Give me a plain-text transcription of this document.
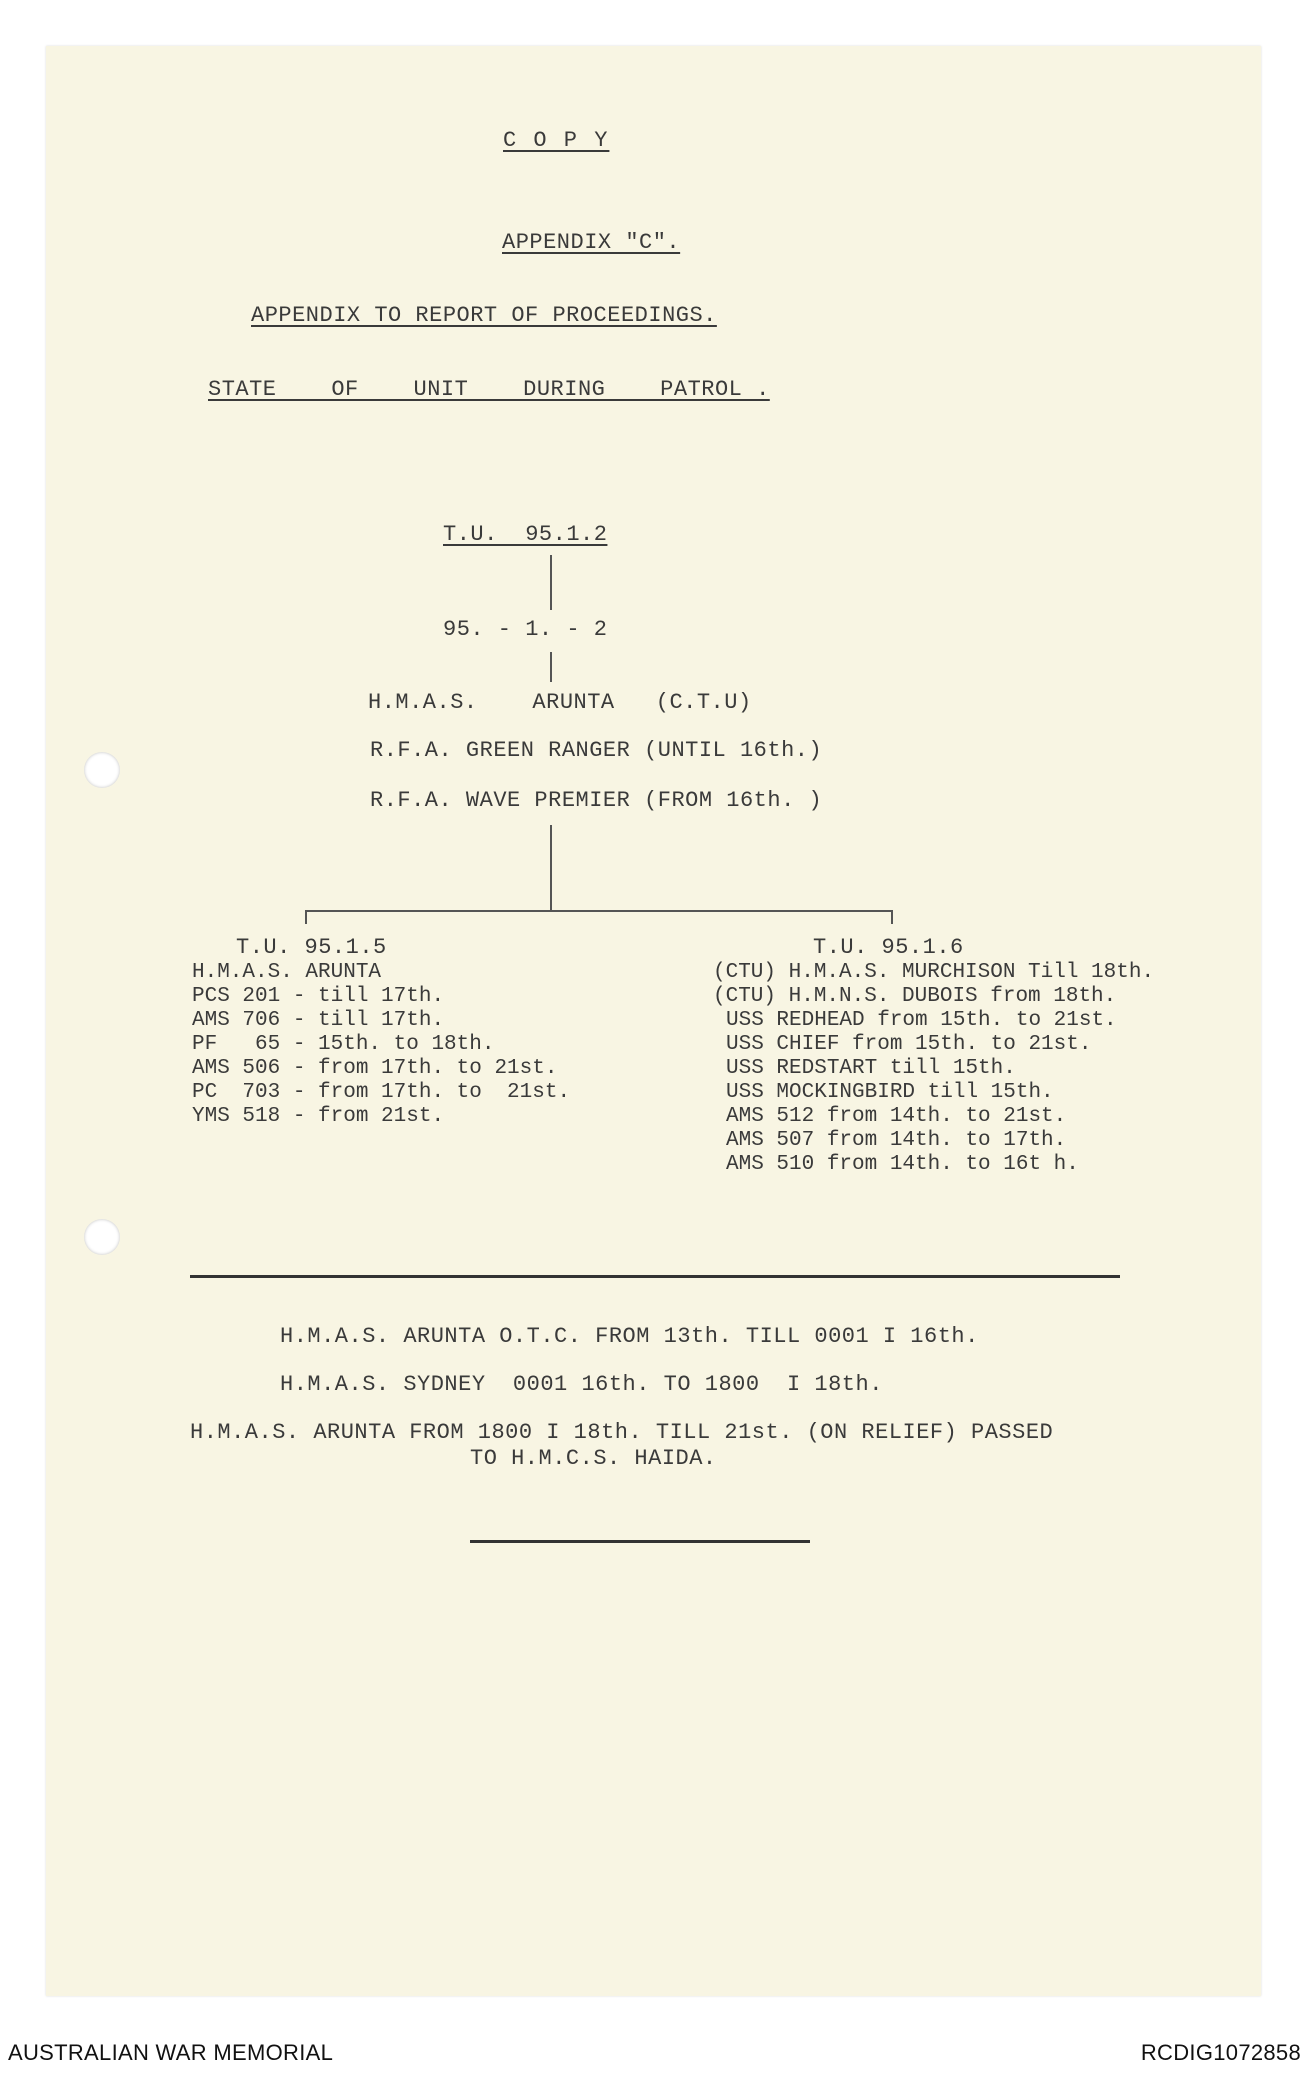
C O P Y
APPENDIX "C".
APPENDIX TO REPORT OF PROCEEDINGS.
STATE    OF    UNIT    DURING    PATROL .
T.U.  95.1.2
95. - 1. - 2
H.M.A.S.    ARUNTA   (C.T.U)
R.F.A. GREEN RANGER (UNTIL 16th.)
R.F.A. WAVE PREMIER (FROM 16th. )
T.U. 95.1.5
H.M.A.S. ARUNTA
PCS 201 - till 17th.
AMS 706 - till 17th.
PF   65 - 15th. to 18th.
AMS 506 - from 17th. to 21st.
PC  703 - from 17th. to  21st.
YMS 518 - from 21st.
T.U. 95.1.6
(CTU) H.M.A.S. MURCHISON Till 18th.
(CTU) H.M.N.S. DUBOIS from 18th.
USS REDHEAD from 15th. to 21st.
USS CHIEF from 15th. to 21st.
USS REDSTART till 15th.
USS MOCKINGBIRD till 15th.
AMS 512 from 14th. to 21st.
AMS 507 from 14th. to 17th.
AMS 510 from 14th. to 16t h.
H.M.A.S. ARUNTA O.T.C. FROM 13th. TILL 0001 I 16th.
H.M.A.S. SYDNEY  0001 16th. TO 1800  I 18th.
H.M.A.S. ARUNTA FROM 1800 I 18th. TILL 21st. (ON RELIEF) PASSED
TO H.M.C.S. HAIDA.
AUSTRALIAN WAR MEMORIAL	RCDIG1072858
